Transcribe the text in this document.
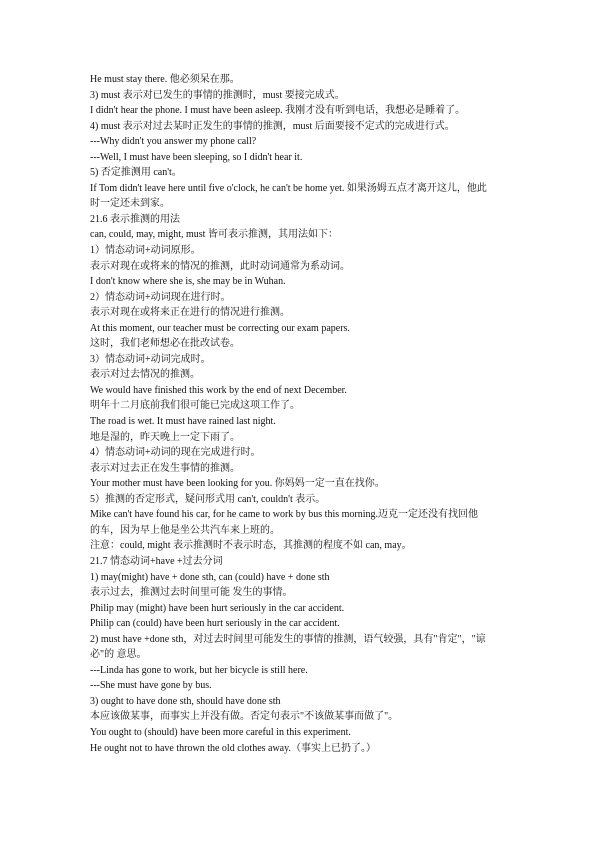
He must stay there. 他必须呆在那。

3) must 表示对已发生的事情的推测时，must 要接完成式。

I didn't hear the phone. I must have been asleep. 我刚才没有听到电话，我想必是睡着了。

4) must 表示对过去某时正发生的事情的推测，must 后面要接不定式的完成进行式。

---Why didn't you answer my phone call?

---Well, I must have been sleeping, so I didn't hear it.

5) 否定推测用 can't。

If Tom didn't leave here until five o'clock, he can't be home yet. 如果汤姆五点才离开这儿，他此

时一定还未到家。

21.6 表示推测的用法

can, could, may, might, must 皆可表示推测，其用法如下：

1）情态动词+动词原形。

表示对现在或将来的情况的推测，此时动词通常为系动词。

I don't know where she is, she may be in Wuhan.

2）情态动词+动词现在进行时。

表示对现在或将来正在进行的情况进行推测。

At this moment, our teacher must be correcting our exam papers.

这时，我们老师想必在批改试卷。

3）情态动词+动词完成时。

表示对过去情况的推测。

We would have finished this work by the end of next December.

明年十二月底前我们很可能已完成这项工作了。

The road is wet. It must have rained last night.

地是湿的，昨天晚上一定下雨了。

4）情态动词+动词的现在完成进行时。

表示对过去正在发生事情的推测。

Your mother must have been looking for you. 你妈妈一定一直在找你。

5）推测的否定形式，疑问形式用 can't, couldn't 表示。

Mike can't have found his car, for he came to work by bus this morning.迈克一定还没有找回他

的车，因为早上他是坐公共汽车来上班的。

注意：could, might 表示推测时不表示时态，其推测的程度不如 can, may。

21.7 情态动词+have +过去分词

1) may(might) have + done sth, can (could) have + done sth

表示过去，推测过去时间里可能 发生的事情。

Philip may (might) have been hurt seriously in the car accident.

Philip can (could) have been hurt seriously in the car accident.

2) must have +done sth，对过去时间里可能发生的事情的推测，语气较强，具有"肯定"，"谅

必"的 意思。

---Linda has gone to work, but her bicycle is still here.

---She must have gone by bus.

3) ought to have done sth, should have done sth

本应该做某事，而事实上并没有做。否定句表示"不该做某事而做了"。

You ought to (should) have been more careful in this experiment.

He ought not to have thrown the old clothes away.（事实上已扔了。）
